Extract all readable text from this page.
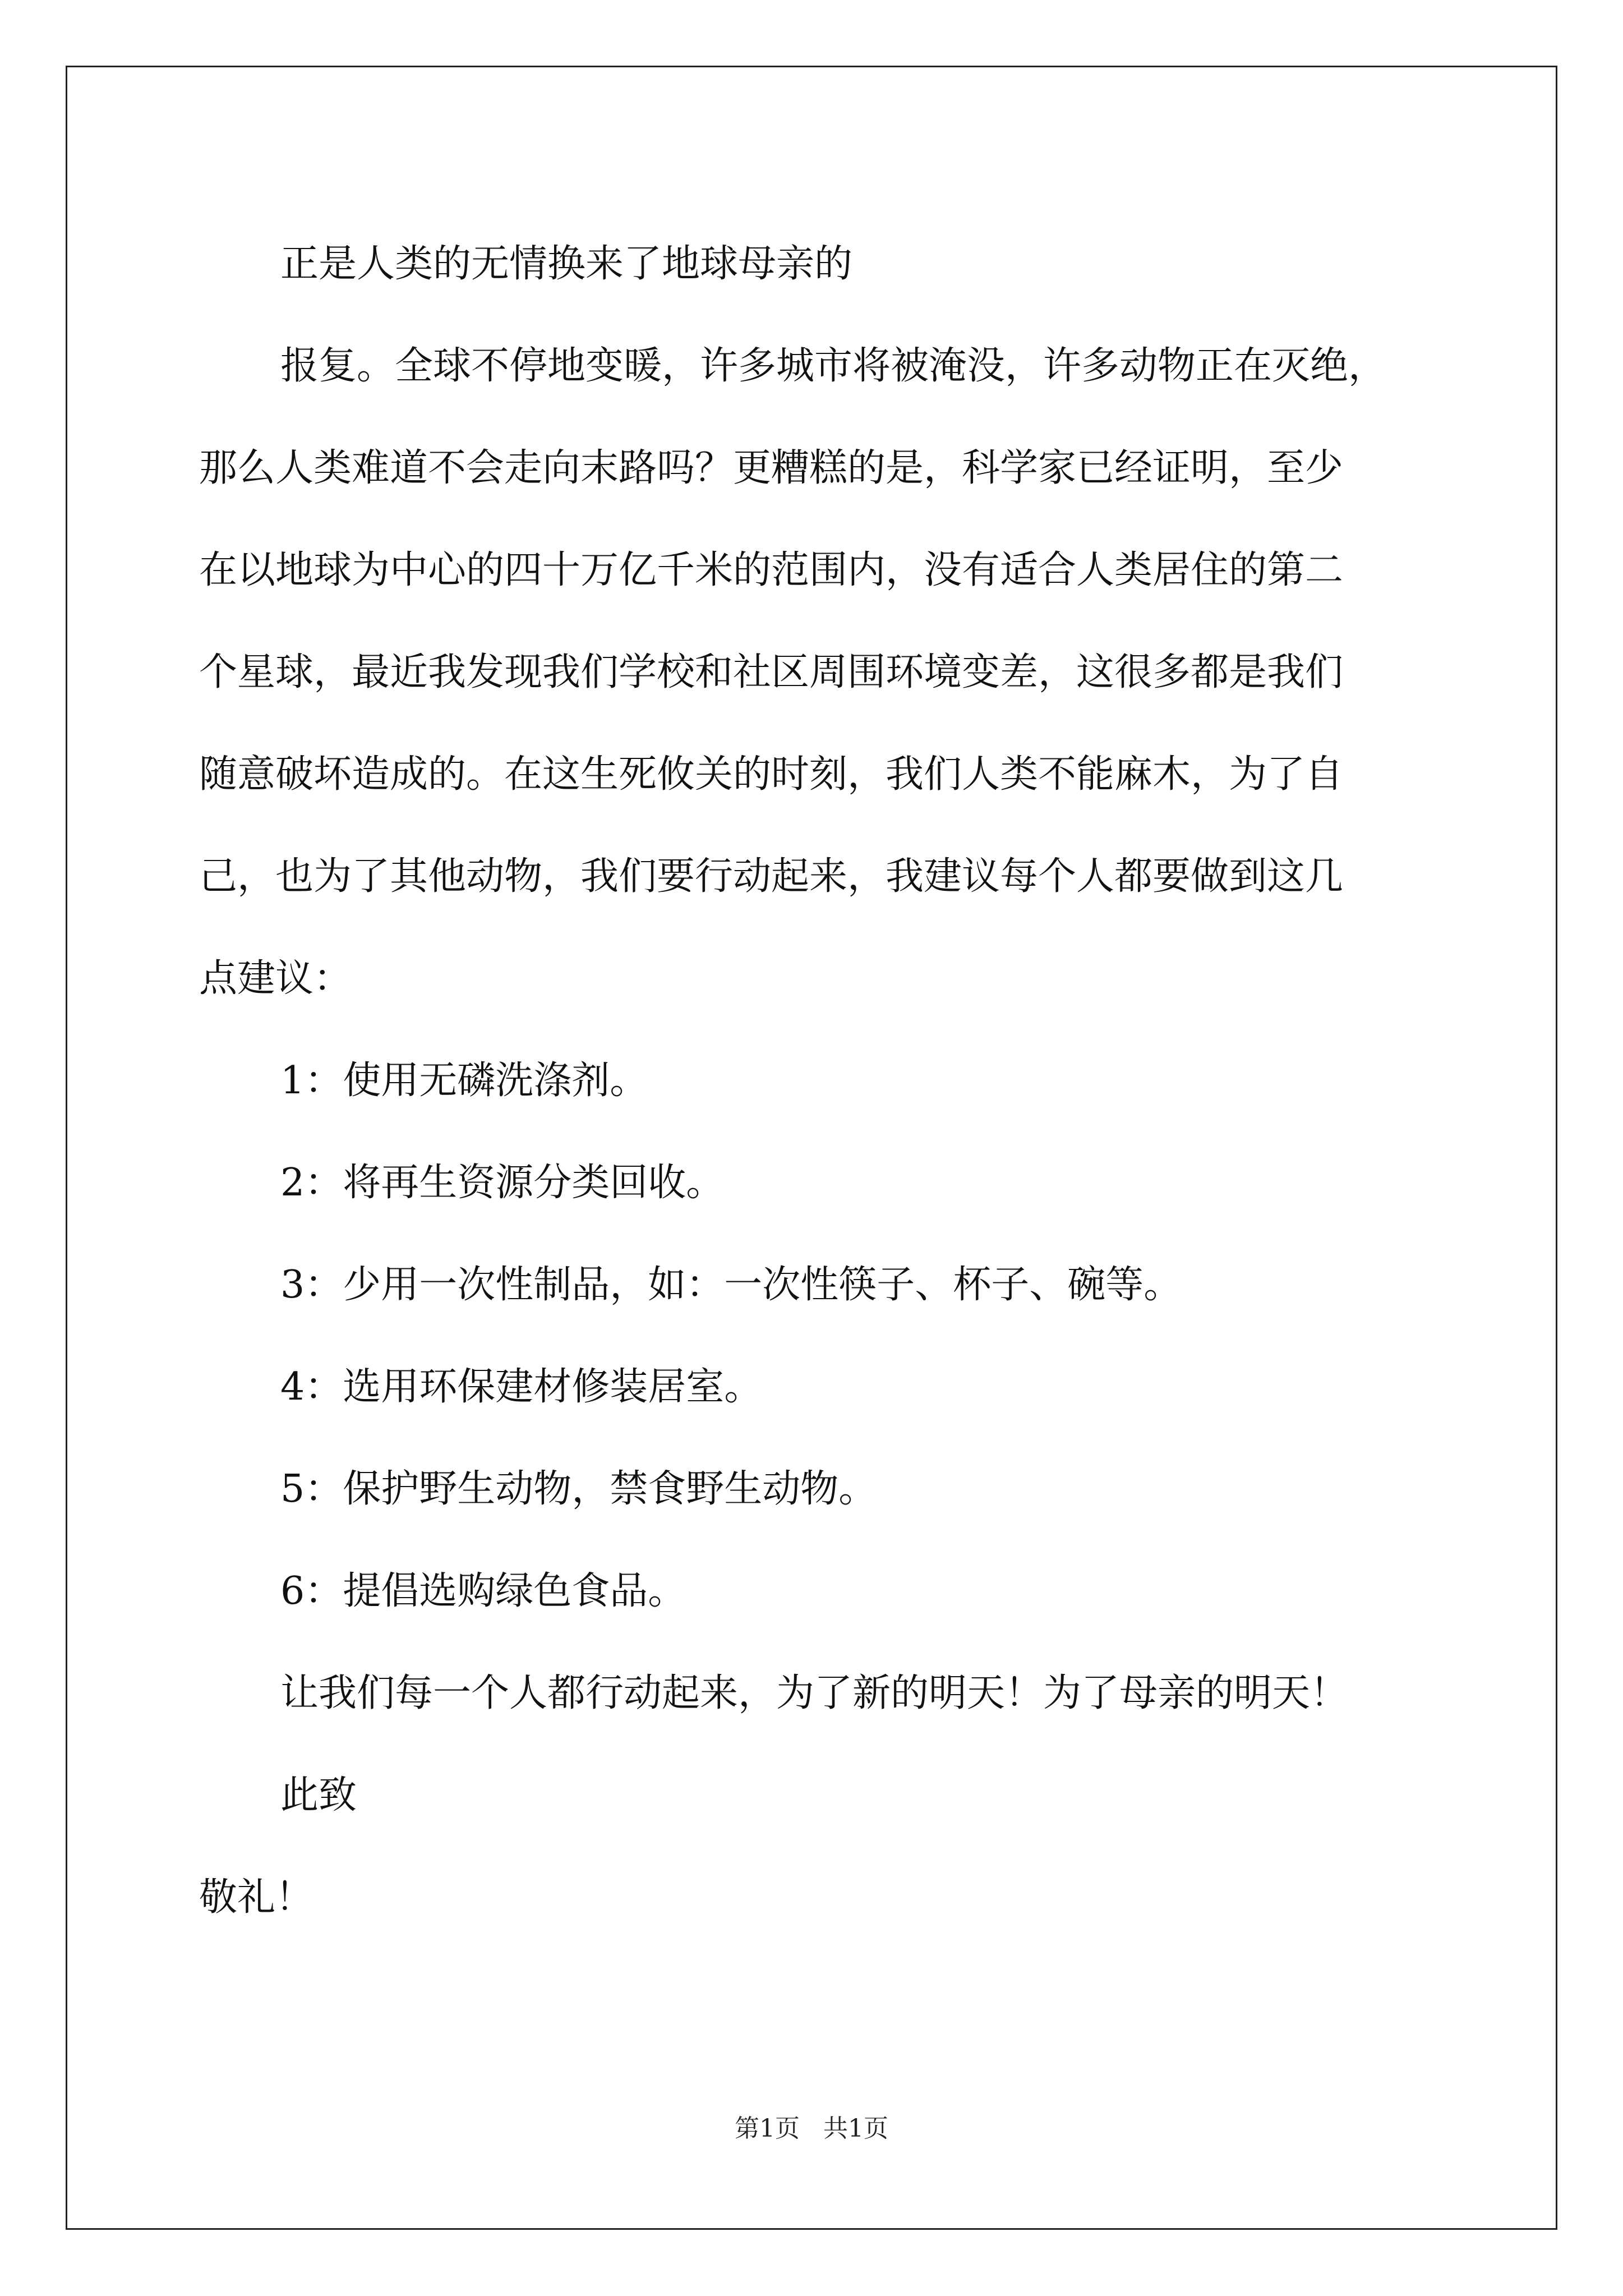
正是人类的无情换来了地球母亲的

报复。全球不停地变暖，许多城市将被淹没，许多动物正在灭绝，

那么人类难道不会走向末路吗？更糟糕的是，科学家已经证明，至少

在以地球为中心的四十万亿千米的范围内，没有适合人类居住的第二

个星球，最近我发现我们学校和社区周围环境变差，这很多都是我们

随意破坏造成的。在这生死攸关的时刻，我们人类不能麻木，为了自

己，也为了其他动物，我们要行动起来，我建议每个人都要做到这几

点建议：

1：使用无磷洗涤剂。

2：将再生资源分类回收。

3：少用一次性制品，如：一次性筷子、杯子、碗等。

4：选用环保建材修装居室。

5：保护野生动物，禁食野生动物。

6：提倡选购绿色食品。

让我们每一个人都行动起来，为了新的明天！为了母亲的明天！

此致

敬礼！

第1页 共1页
